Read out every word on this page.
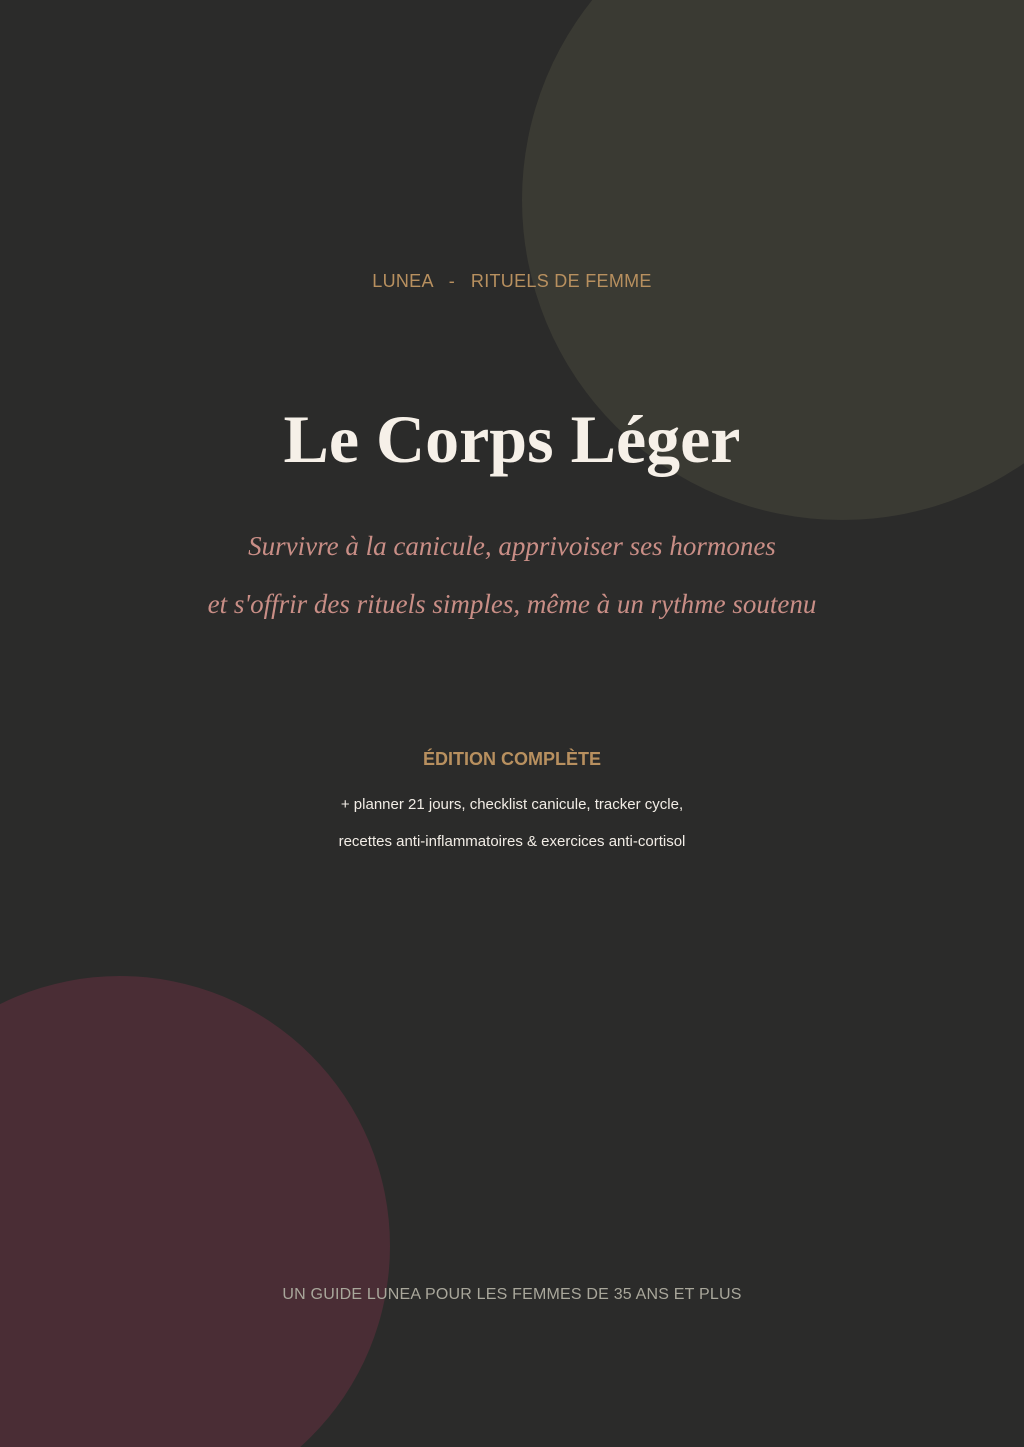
LUNEA   -   RITUELS DE FEMME
Le Corps Léger
Survivre à la canicule, apprivoiser ses hormones
et s'offrir des rituels simples, même à un rythme soutenu
ÉDITION COMPLÈTE
+ planner 21 jours, checklist canicule, tracker cycle,
recettes anti-inflammatoires & exercices anti-cortisol
UN GUIDE LUNEA POUR LES FEMMES DE 35 ANS ET PLUS
